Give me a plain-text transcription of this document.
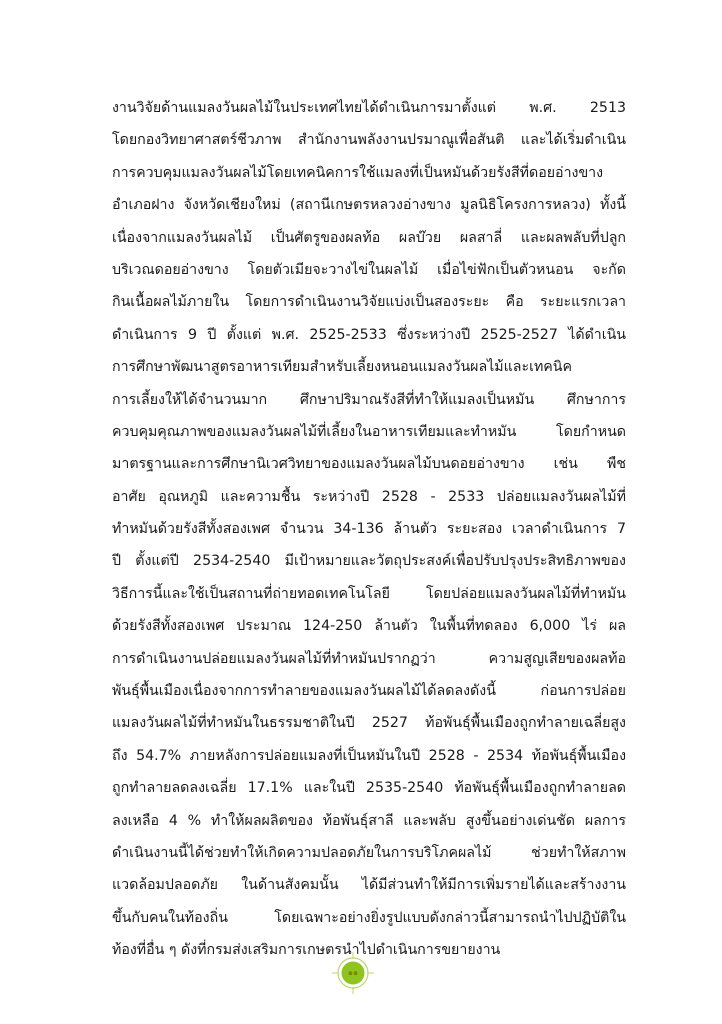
งานวิจัยด้านแมลงวันผลไม้ในประเทศไทยได้ดำเนินการมาตั้งแต่ พ.ศ. 2513
โดยกองวิทยาศาสตร์ชีวภาพ สำนักงานพลังงานปรมาณูเพื่อสันติ และได้เริ่มดำเนิน
การควบคุมแมลงวันผลไม้โดยเทคนิคการใช้แมลงที่เป็นหมันด้วยรังสีที่ดอยอ่างขาง
อำเภอฝาง จังหวัดเชียงใหม่ (สถานีเกษตรหลวงอ่างขาง มูลนิธิโครงการหลวง) ทั้งนี้
เนื่องจากแมลงวันผลไม้ เป็นศัตรูของผลท้อ ผลบ๊วย ผลสาลี่ และผลพลับที่ปลูก
บริเวณดอยอ่างขาง โดยตัวเมียจะวางไข่ในผลไม้ เมื่อไข่ฟักเป็นตัวหนอน จะกัด
กินเนื้อผลไม้ภายใน โดยการดำเนินงานวิจัยแบ่งเป็นสองระยะ คือ ระยะแรกเวลา
ดำเนินการ 9 ปี ตั้งแต่ พ.ศ. 2525-2533 ซึ่งระหว่างปี 2525-2527 ได้ดำเนิน
การศึกษาพัฒนาสูตรอาหารเทียมสำหรับเลี้ยงหนอนแมลงวันผลไม้และเทคนิค
การเลี้ยงให้ได้จำนวนมาก ศึกษาปริมาณรังสีที่ทำให้แมลงเป็นหมัน ศึกษาการ
ควบคุมคุณภาพของแมลงวันผลไม้ที่เลี้ยงในอาหารเทียมและทำหมัน โดยกำหนด
มาตรฐานและการศึกษานิเวศวิทยาของแมลงวันผลไม้บนดอยอ่างขาง เช่น พืช
อาศัย อุณหภูมิ และความชื้น ระหว่างปี 2528 - 2533 ปล่อยแมลงวันผลไม้ที่
ทำหมันด้วยรังสีทั้งสองเพศ จำนวน 34-136 ล้านตัว ระยะสอง เวลาดำเนินการ 7
ปี ตั้งแต่ปี 2534-2540 มีเป้าหมายและวัตถุประสงค์เพื่อปรับปรุงประสิทธิภาพของ
วิธีการนี้และใช้เป็นสถานที่ถ่ายทอดเทคโนโลยี โดยปล่อยแมลงวันผลไม้ที่ทำหมัน
ด้วยรังสีทั้งสองเพศ ประมาณ 124-250 ล้านตัว ในพื้นที่ทดลอง 6,000 ไร่ ผล
การดำเนินงานปล่อยแมลงวันผลไม้ที่ทำหมันปรากฏว่า ความสูญเสียของผลท้อ
พันธุ์พื้นเมืองเนื่องจากการทำลายของแมลงวันผลไม้ได้ลดลงดังนี้ ก่อนการปล่อย
แมลงวันผลไม้ที่ทำหมันในธรรมชาติในปี 2527 ท้อพันธุ์พื้นเมืองถูกทำลายเฉลี่ยสูง
ถึง 54.7% ภายหลังการปล่อยแมลงที่เป็นหมันในปี 2528 - 2534 ท้อพันธุ์พื้นเมือง
ถูกทำลายลดลงเฉลี่ย 17.1% และในปี 2535-2540 ท้อพันธุ์พื้นเมืองถูกทำลายลด
ลงเหลือ 4 % ทำให้ผลผลิตของ ท้อพันธุ์สาลี และพลับ สูงขึ้นอย่างเด่นชัด ผลการ
ดำเนินงานนี้ได้ช่วยทำให้เกิดความปลอดภัยในการบริโภคผลไม้ ช่วยทำให้สภาพ
แวดล้อมปลอดภัย ในด้านสังคมนั้น ได้มีส่วนทำให้มีการเพิ่มรายได้และสร้างงาน
ขึ้นกับคนในท้องถิ่น โดยเฉพาะอย่างยิ่งรูปแบบดังกล่าวนี้สามารถนำไปปฏิบัติใน
ท้องที่อื่น ๆ ดังที่กรมส่งเสริมการเกษตรนำไปดำเนินการขยายงาน
๑๑
